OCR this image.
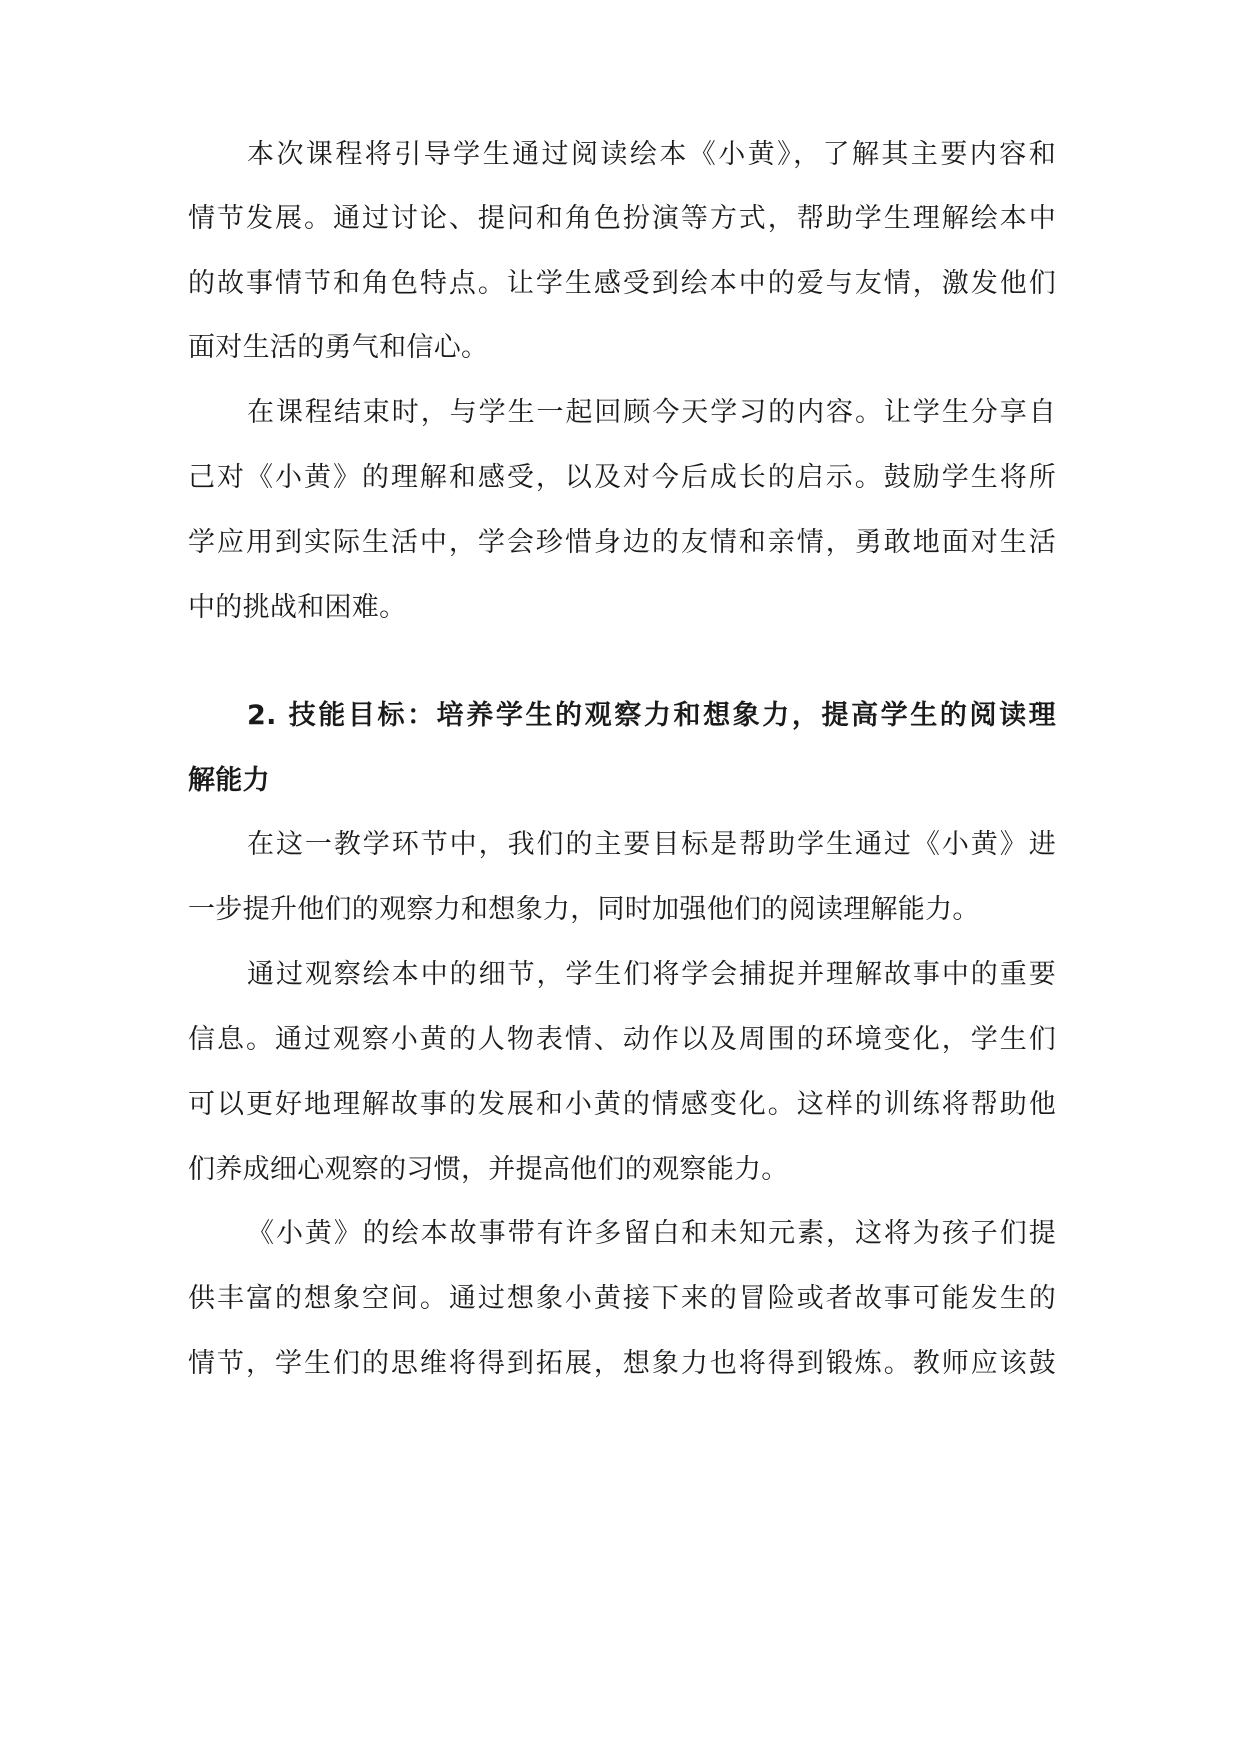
本次课程将引导学生通过阅读绘本《小黄》，了解其主要内容和
情节发展。通过讨论、提问和角色扮演等方式，帮助学生理解绘本中
的故事情节和角色特点。让学生感受到绘本中的爱与友情，激发他们
面对生活的勇气和信心。
在课程结束时，与学生一起回顾今天学习的内容。让学生分享自
己对《小黄》的理解和感受，以及对今后成长的启示。鼓励学生将所
学应用到实际生活中，学会珍惜身边的友情和亲情，勇敢地面对生活
中的挑战和困难。
2. 技能目标：培养学生的观察力和想象力，提高学生的阅读理
解能力
在这一教学环节中，我们的主要目标是帮助学生通过《小黄》进
一步提升他们的观察力和想象力，同时加强他们的阅读理解能力。
通过观察绘本中的细节，学生们将学会捕捉并理解故事中的重要
信息。通过观察小黄的人物表情、动作以及周围的环境变化，学生们
可以更好地理解故事的发展和小黄的情感变化。这样的训练将帮助他
们养成细心观察的习惯，并提高他们的观察能力。
《小黄》的绘本故事带有许多留白和未知元素，这将为孩子们提
供丰富的想象空间。通过想象小黄接下来的冒险或者故事可能发生的
情节，学生们的思维将得到拓展，想象力也将得到锻炼。教师应该鼓
